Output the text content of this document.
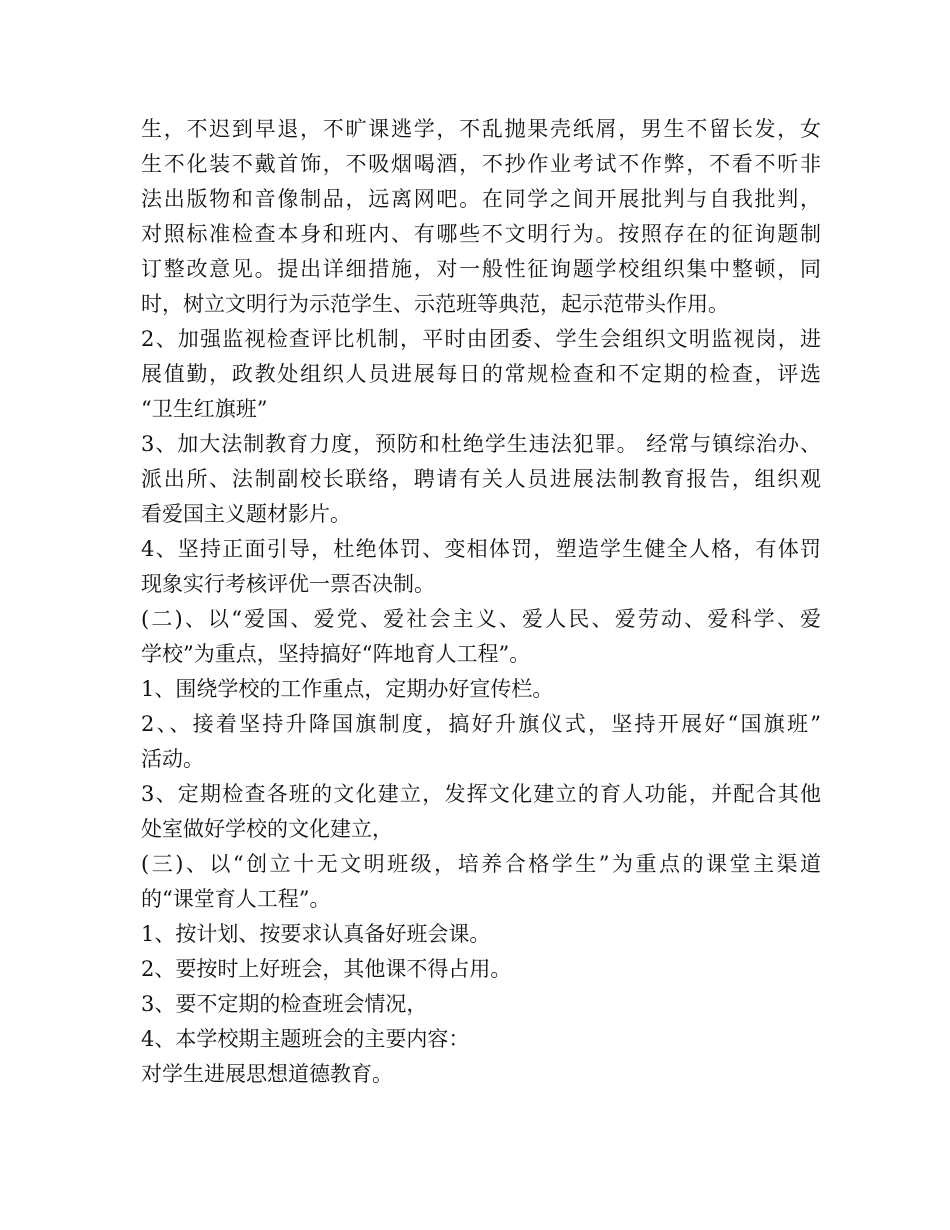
生，不迟到早退，不旷课逃学，不乱抛果壳纸屑，男生不留长发，女
生不化装不戴首饰，不吸烟喝酒，不抄作业考试不作弊，不看不听非
法出版物和音像制品，远离网吧。在同学之间开展批判与自我批判，
对照标准检查本身和班内、有哪些不文明行为。按照存在的征询题制
订整改意见。提出详细措施，对一般性征询题学校组织集中整顿，同
时，树立文明行为示范学生、示范班等典范，起示范带头作用。
2、加强监视检查评比机制，平时由团委、学生会组织文明监视岗，进
展值勤，政教处组织人员进展每日的常规检查和不定期的检查，评选
“卫生红旗班”
3、加大法制教育力度，预防和杜绝学生违法犯罪。 经常与镇综治办、
派出所、法制副校长联络，聘请有关人员进展法制教育报告，组织观
看爱国主义题材影片。
4、坚持正面引导，杜绝体罚、变相体罚，塑造学生健全人格，有体罚
现象实行考核评优一票否决制。
(二)、以“爱国、爱党、爱社会主义、爱人民、爱劳动、爱科学、爱
学校”为重点，坚持搞好“阵地育人工程”。
1、围绕学校的工作重点，定期办好宣传栏。
2、、接着坚持升降国旗制度，搞好升旗仪式，坚持开展好“国旗班”
活动。
3、定期检查各班的文化建立，发挥文化建立的育人功能，并配合其他
处室做好学校的文化建立，
(三)、以“创立十无文明班级，培养合格学生”为重点的课堂主渠道
的“课堂育人工程”。
1、按计划、按要求认真备好班会课。
2、要按时上好班会，其他课不得占用。
3、要不定期的检查班会情况，
4、本学校期主题班会的主要内容：
对学生进展思想道德教育。
